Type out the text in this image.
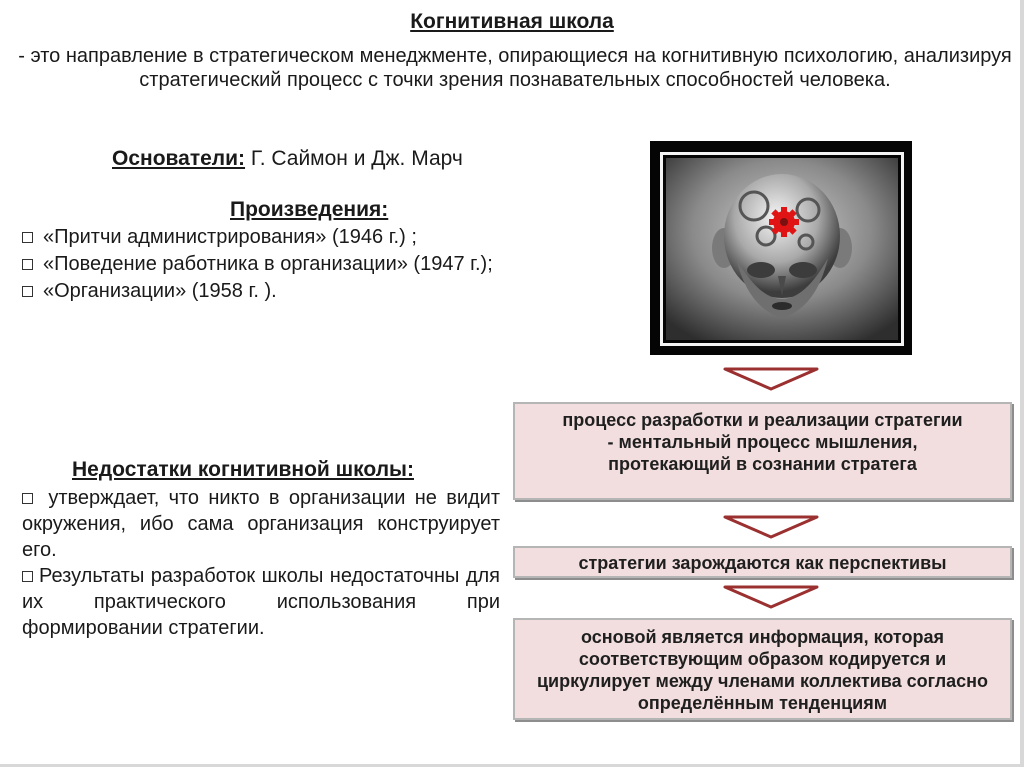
Когнитивная школа
- это направление в стратегическом менеджменте, опирающиеся на когнитивную психологию, анализируя стратегический процесс с точки зрения познавательных способностей человека.
Основатели: Г. Саймон и Дж. Марч
Произведения:
«Притчи администрирования» (1946 г.) ;
«Поведение работника в организации» (1947 г.);
«Организации» (1958 г. ).
процесс разработки и реализации стратегии - ментальный процесс мышления, протекающий в сознании стратега
стратегии зарождаются как перспективы
основой является информация, которая соответствующим образом кодируется и циркулирует между членами коллектива согласно определённым тенденциям
Недостатки когнитивной школы:

утверждает, что никто в организации не видит окружения, ибо сама организация конструирует его.

Результаты разработок школы недостаточны для их практического использования при формировании стратегии.
